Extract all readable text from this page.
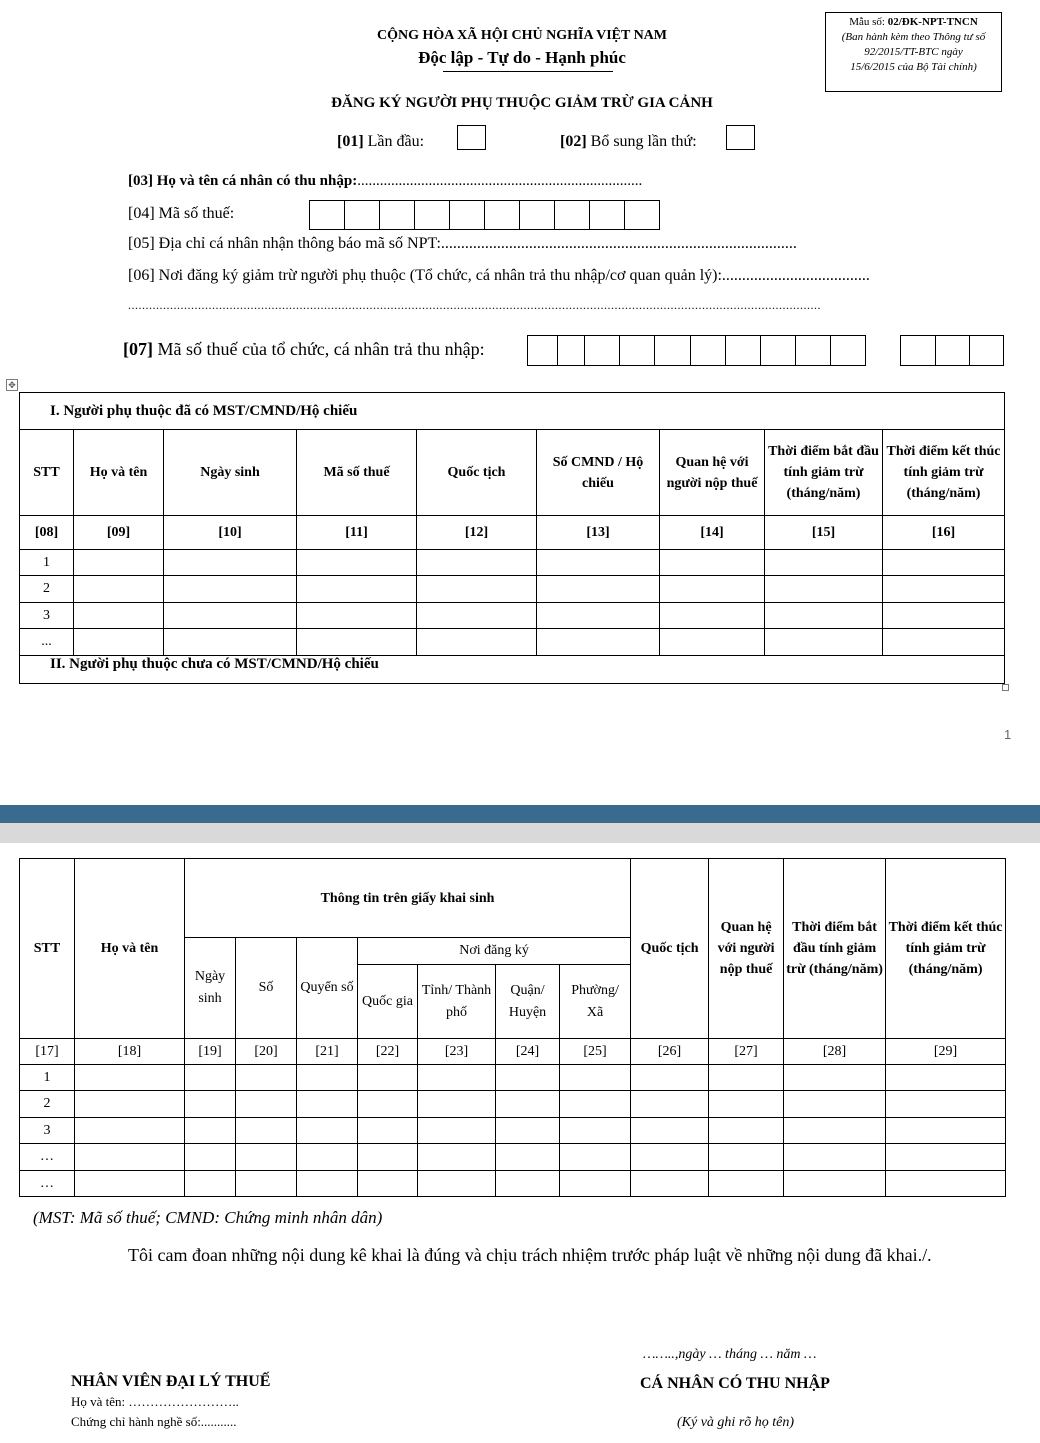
Mẫu số: 02/ĐK-NPT-TNCN
(Ban hành kèm theo Thông tư số
92/2015/TT-BTC ngày
15/6/2015 của Bộ Tài chính)
CỘNG HÒA XÃ HỘI CHỦ NGHĨA VIỆT NAM
Độc lập - Tự do - Hạnh phúc
ĐĂNG KÝ NGƯỜI PHỤ THUỘC GIẢM TRỪ GIA CẢNH
[01] Lần đầu:	[02] Bổ sung lần thứ:
[03] Họ và tên cá nhân có thu nhập:............................................................................
[04] Mã số thuế:
[05] Địa chỉ cá nhân nhận thông báo mã số NPT:.........................................................................................
[06] Nơi đăng ký giảm trừ người phụ thuộc (Tổ chức, cá nhân trả thu nhập/cơ quan quản lý):.....................................
......................................................................................................................................................................................................
[07] Mã số thuế của tổ chức, cá nhân trả thu nhập:
✥
I. Người phụ thuộc đã có MST/CMND/Hộ chiếu								
STT	Họ và tên	Ngày sinh	Mã số thuế	Quốc tịch	Số CMND / Hộ chiếu	Quan hệ với người nộp thuế	Thời điểm bắt đầu tính giảm trừ (tháng/năm)	Thời điểm kết thúc tính giảm trừ (tháng/năm)
[08]	[09]	[10]	[11]	[12]	[13]	[14]	[15]	[16]
1								
2								
3								
...								
II. Người phụ thuộc chưa có MST/CMND/Hộ chiếu								
1
STT	Họ và tên	Thông tin trên giấy khai sinh							Quốc tịch	Quan hệ với người nộp thuế	Thời điểm bắt đầu tính giảm trừ (tháng/năm)	Thời điểm kết thúc tính giảm trừ (tháng/năm)
		Ngày sinh	Số	Quyển số	Nơi đăng ký							
					Quốc gia	Tỉnh/ Thành phố	Quận/ Huyện	Phường/ Xã				
[17]	[18]	[19]	[20]	[21]	[22]	[23]	[24]	[25]	[26]	[27]	[28]	[29]
1												
2												
3												
…												
…												
(MST: Mã số thuế; CMND: Chứng minh nhân dân)
Tôi cam đoan những nội dung kê khai là đúng và chịu trách nhiệm trước pháp luật về những nội dung đã khai./.
……..,ngày … tháng … năm …
NHÂN VIÊN ĐẠI LÝ THUẾ
Họ và tên: ……………………..
Chứng chỉ hành nghề số:...........
CÁ NHÂN CÓ THU NHẬP
(Ký và ghi rõ họ tên)
